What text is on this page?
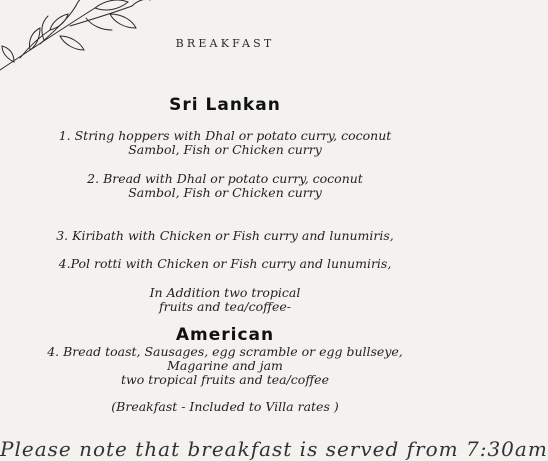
BREAKFAST
Sri Lankan
1. String hoppers with Dhal or potato curry, coconut
Sambol, Fish or Chicken curry
2. Bread with Dhal or potato curry, coconut
Sambol, Fish or Chicken curry
3. Kiribath with Chicken or Fish curry and lunumiris,
4.Pol rotti with Chicken or Fish curry and lunumiris,
In Addition two tropical
fruits and tea/coffee-
American
4. Bread toast, Sausages, egg scramble or egg bullseye,
Magarine and jam
two tropical fruits and tea/coffee
(Breakfast - Included to Villa rates )
Please note that breakfast is served from 7:30am
